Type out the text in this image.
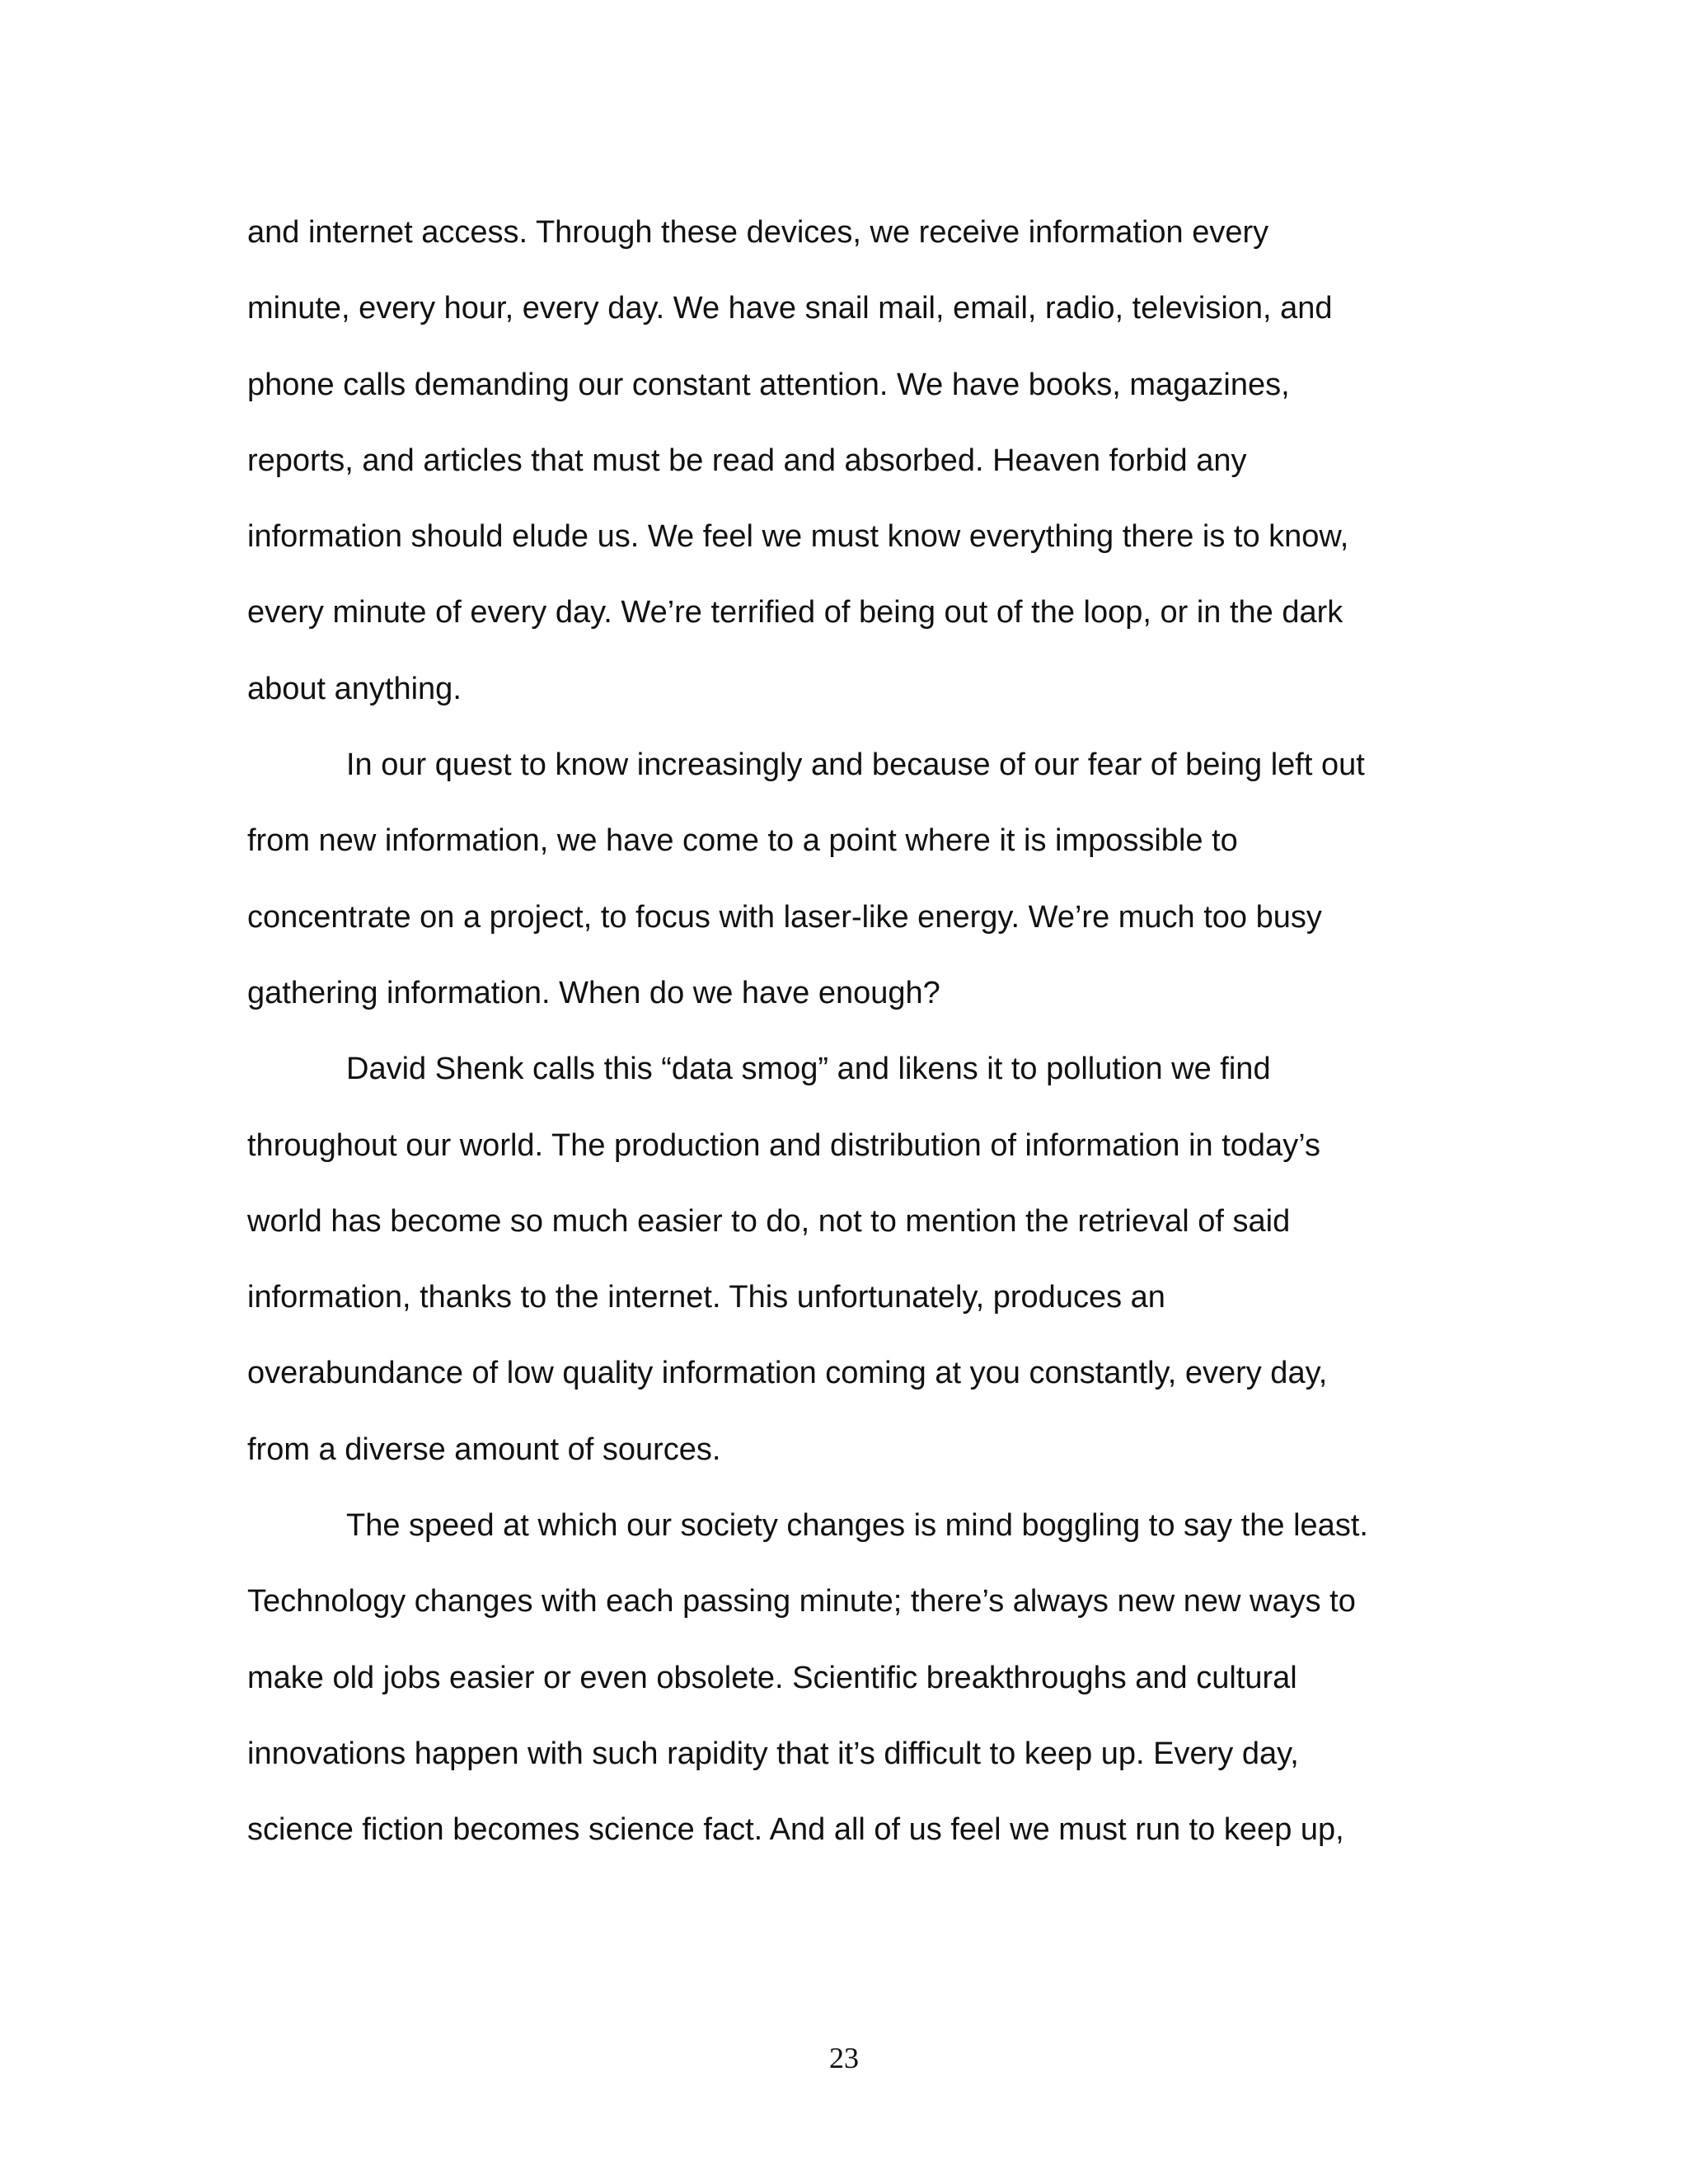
and internet access. Through these devices, we receive information every
minute, every hour, every day. We have snail mail, email, radio, television, and
phone calls demanding our constant attention. We have books, magazines,
reports, and articles that must be read and absorbed. Heaven forbid any
information should elude us. We feel we must know everything there is to know,
every minute of every day. We’re terrified of being out of the loop, or in the dark
about anything.
In our quest to know increasingly and because of our fear of being left out
from new information, we have come to a point where it is impossible to
concentrate on a project, to focus with laser-like energy. We’re much too busy
gathering information. When do we have enough?
David Shenk calls this “data smog” and likens it to pollution we find
throughout our world. The production and distribution of information in today’s
world has become so much easier to do, not to mention the retrieval of said
information, thanks to the internet. This unfortunately, produces an
overabundance of low quality information coming at you constantly, every day,
from a diverse amount of sources.
The speed at which our society changes is mind boggling to say the least.
Technology changes with each passing minute; there’s always new new ways to
make old jobs easier or even obsolete. Scientific breakthroughs and cultural
innovations happen with such rapidity that it’s difficult to keep up. Every day,
science fiction becomes science fact. And all of us feel we must run to keep up,
23
